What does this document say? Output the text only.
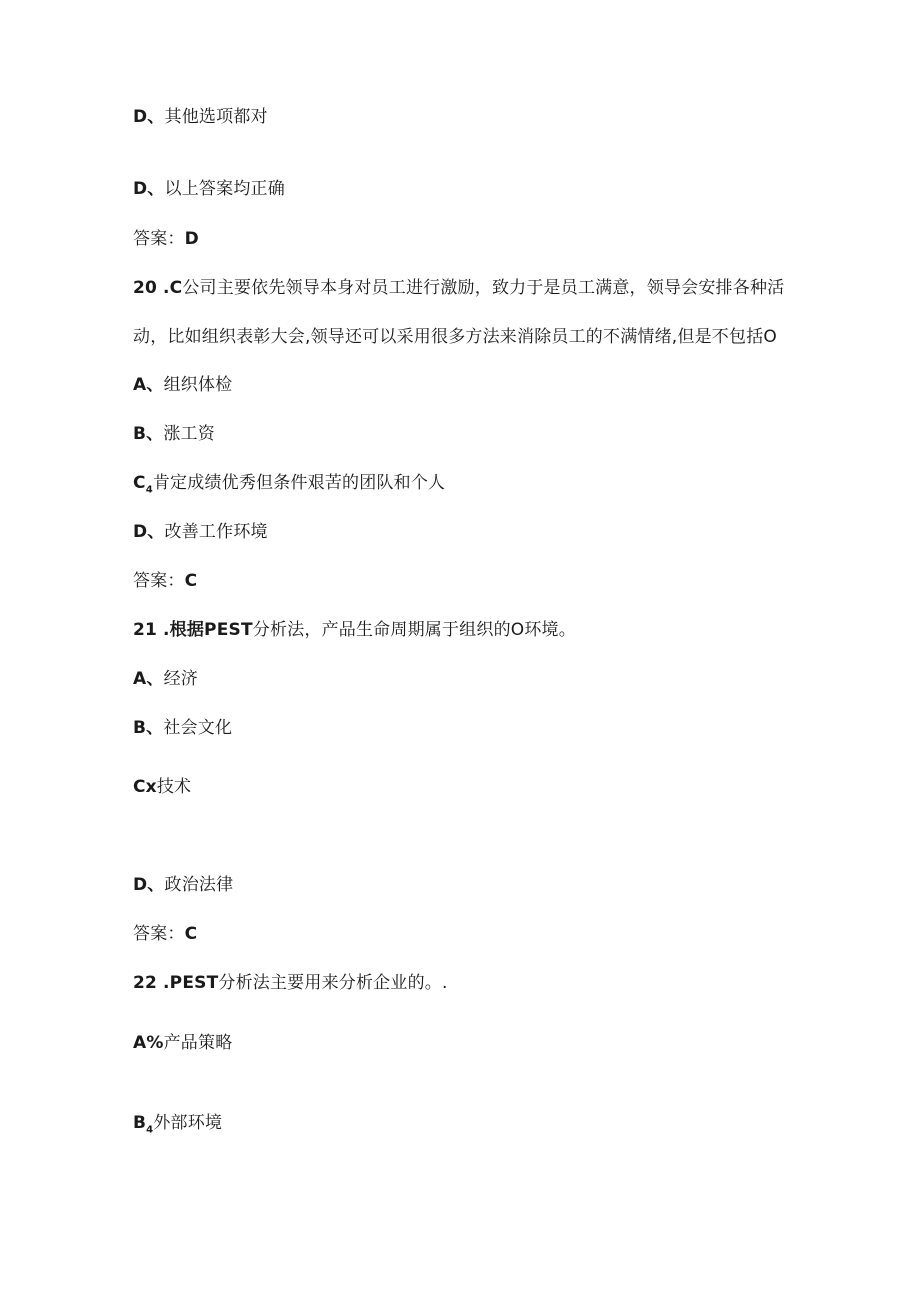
D、其他选项都对
D、以上答案均正确
答案：D
20 .C公司主要依先领导本身对员工进行激励，致力于是员工满意，领导会安排各种活
动，比如组织表彰大会,领导还可以采用很多方法来消除员工的不满情绪,但是不包括O
A、组织体检
B、涨工资
$C_4$肯定成绩优秀但条件艰苦的团队和个人
D、改善工作环境
答案：C
21 .根据PEST分析法，产品生命周期属于组织的O环境。
A、经济
B、社会文化
Cx技术
D、政治法律
答案：C
22 .PEST分析法主要用来分析企业的。.
A%产品策略
$B_4$外部环境
